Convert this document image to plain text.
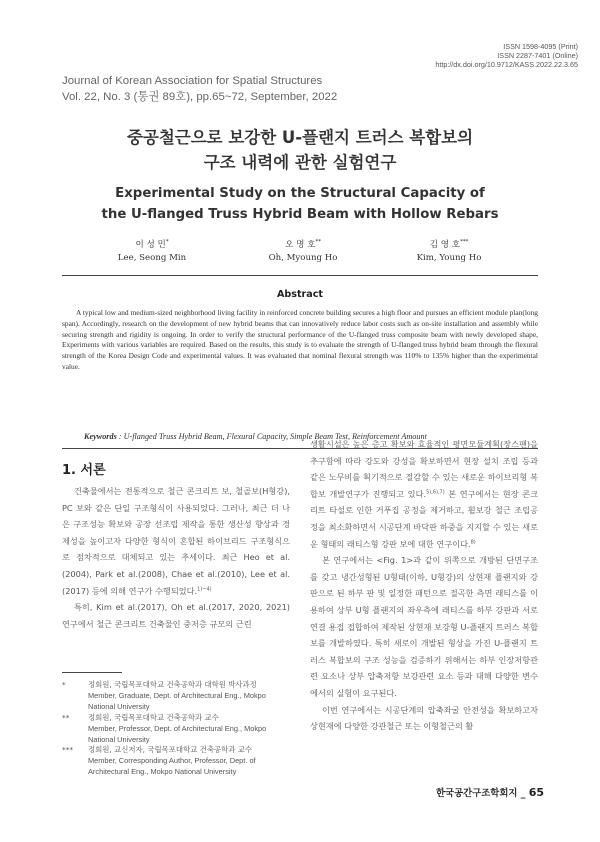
ISSN 1598-4095 (Print)
ISSN 2287-7401 (Online)
http://dx.doi.org/10.9712/KASS.2022.22.3.65
Journal of Korean Association for Spatial Structures
Vol. 22, No. 3 (통권 89호), pp.65~72, September, 2022
중공철근으로 보강한 U-플랜지 트러스 복합보의
구조 내력에 관한 실험연구
Experimental Study on the Structural Capacity of
the U-flanged Truss Hybrid Beam with Hollow Rebars
이 성 민*
Lee, Seong Min
오 명 호**
Oh, Myoung Ho
김 영 호***
Kim, Young Ho
Abstract
A typical low and medium-sized neighborhood living facility in reinforced concrete building secures a high floor and pursues an efficient module plan(long span). Accordingly, research on the development of new hybrid beams that can innovatively reduce labor costs such as on-site installation and assembly while securing strength and rigidity is ongoing. In order to verify the structural performance of the U-flanged truss composite beam with newly developed shape, Experiments with various variables are required. Based on the results, this study is to evaluate the strength of U-flanged truss hybrid beam through the flexural strength of the Korea Design Code and experimental values. It was evaluated that nominal flexural strength was 110% to 135% higher than the experimental value.
Keywords : U-flanged Truss Hybrid Beam, Flexural Capacity, Simple Beam Test, Reinforcement Amount
1. 서론

건축물에서는 전통적으로 철근 콘크리트 보, 철골보(H형강), PC 보와 같은 단일 구조형식이 사용되었다. 그러나, 최근 더 나은 구조성능 확보와 공장 선조립 제작을 통한 생산성 향상과 경제성을 높이고자 다양한 형식이 혼합된 하이브리드 구조형식으로 점차적으로 대체되고 있는 추세이다. 최근 Heo et al.(2004), Park et al.(2008), Chae et al.(2010), Lee et al.(2017) 등에 의해 연구가 수행되었다.$^{1)\sim 4)}$

특히, Kim et al.(2017), Oh et al.(2017, 2020, 2021) 연구에서 철근 콘크리트 건축물인 중저층 규모의 근린

생활시설은 높은 층고 확보와 효율적인 평면모듈계획(장스팬)을 추구함에 따라 강도와 강성을 확보하면서 현장 설치 조립 등과 같은 노무비를 획기적으로 절감할 수 있는 새로운 하이브리형 복합보 개발연구가 진행되고 있다.$^{5),6),7)}$ 본 연구에서는 현장 콘크리트 타설로 인한 거푸집 공정을 제거하고, 휨보강 철근 조립공정을 최소화하면서 시공단계 바닥판 하중을 지지할 수 있는 새로운 형태의 래티스형 강판 보에 대한 연구이다.$^{8)}$

본 연구에서는 <Fig. 1>과 같이 위쪽으로 개방된 단면구조를 갖고 냉간성형된 U형태(이하, U형강)의 상현재 플랜지와 강판으로 된 하부 판 및 일정한 패턴으로 절곡한 측면 래티스를 이용하여 상부 U형 플랜지의 좌우측에 래티스를 하부 강판과 서로 연결 용접 접합하여 제작된 상현재 보강형 U-플랜지 트러스 복합보를 개발하였다. 특히 새로이 개발된 형상을 가진 U-플랜지 트러스 복합보의 구조 성능을 검증하기 위해서는 하부 인장저항관련 요소나 상부 압축저항 보강관련 요소 등과 대해 다양한 변수에서의 실험이 요구된다.

이번 연구에서는 시공단계의 압축좌굴 안전성을 확보하고자 상현재에 다양한 강관철근 또는 이형철근의 활

*	정회원, 국립목포대학교 건축공학과 대학원 박사과정
Member, Graduate, Dept. of Architectural Eng., Mokpo National University
**	정회원, 국립목포대학교 건축공학과 교수
Member, Professor, Dept. of Architectural Eng., Mokpo National University
***	정회원, 교신저자, 국립목포대학교 건축공학과 교수
Member, Corresponding Author, Professor, Dept. of Architectural Eng., Mokpo National University
한국공간구조학회지 _ 65
